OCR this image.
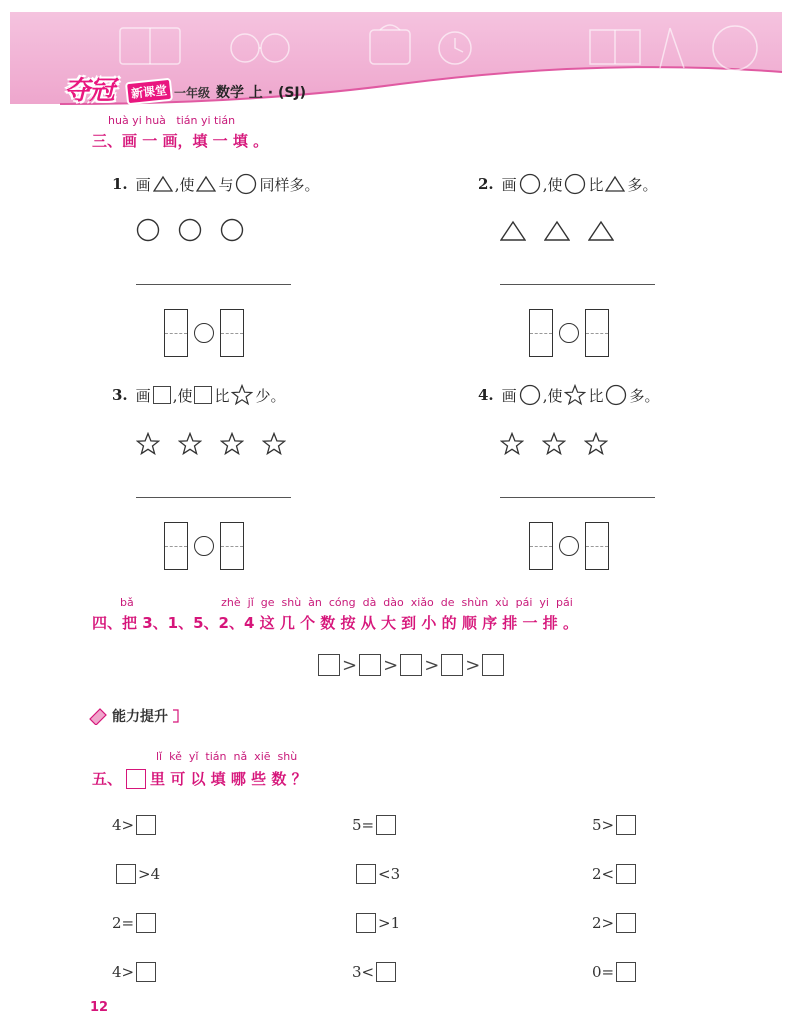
夺冠	新课堂 一年级 数学 上 · (SJ)
huà yi huà   tián yi tián
三、画 一 画，填 一 填 。
1. 画 ,使 与 同样多。	2. 画 ,使 比 多。
3. 画 ,使 比 少。	4. 画 ,使 比 多。
bǎ                         zhè  jǐ  ge  shù  àn  cóng  dà  dào  xiǎo  de  shùn  xù  pái  yi  pái
四、把 3、1、5、2、4 这 几 个 数 按 从 大 到 小 的 顺 序 排 一 排 。
> > > >
能力提升
lǐ  kě  yǐ  tián  nǎ  xiē  shù
五、 里 可 以 填 哪 些 数 ？
4>	5=	5>
>4	<3	2<
2=	>1	2>
4>	3<	0=
12
